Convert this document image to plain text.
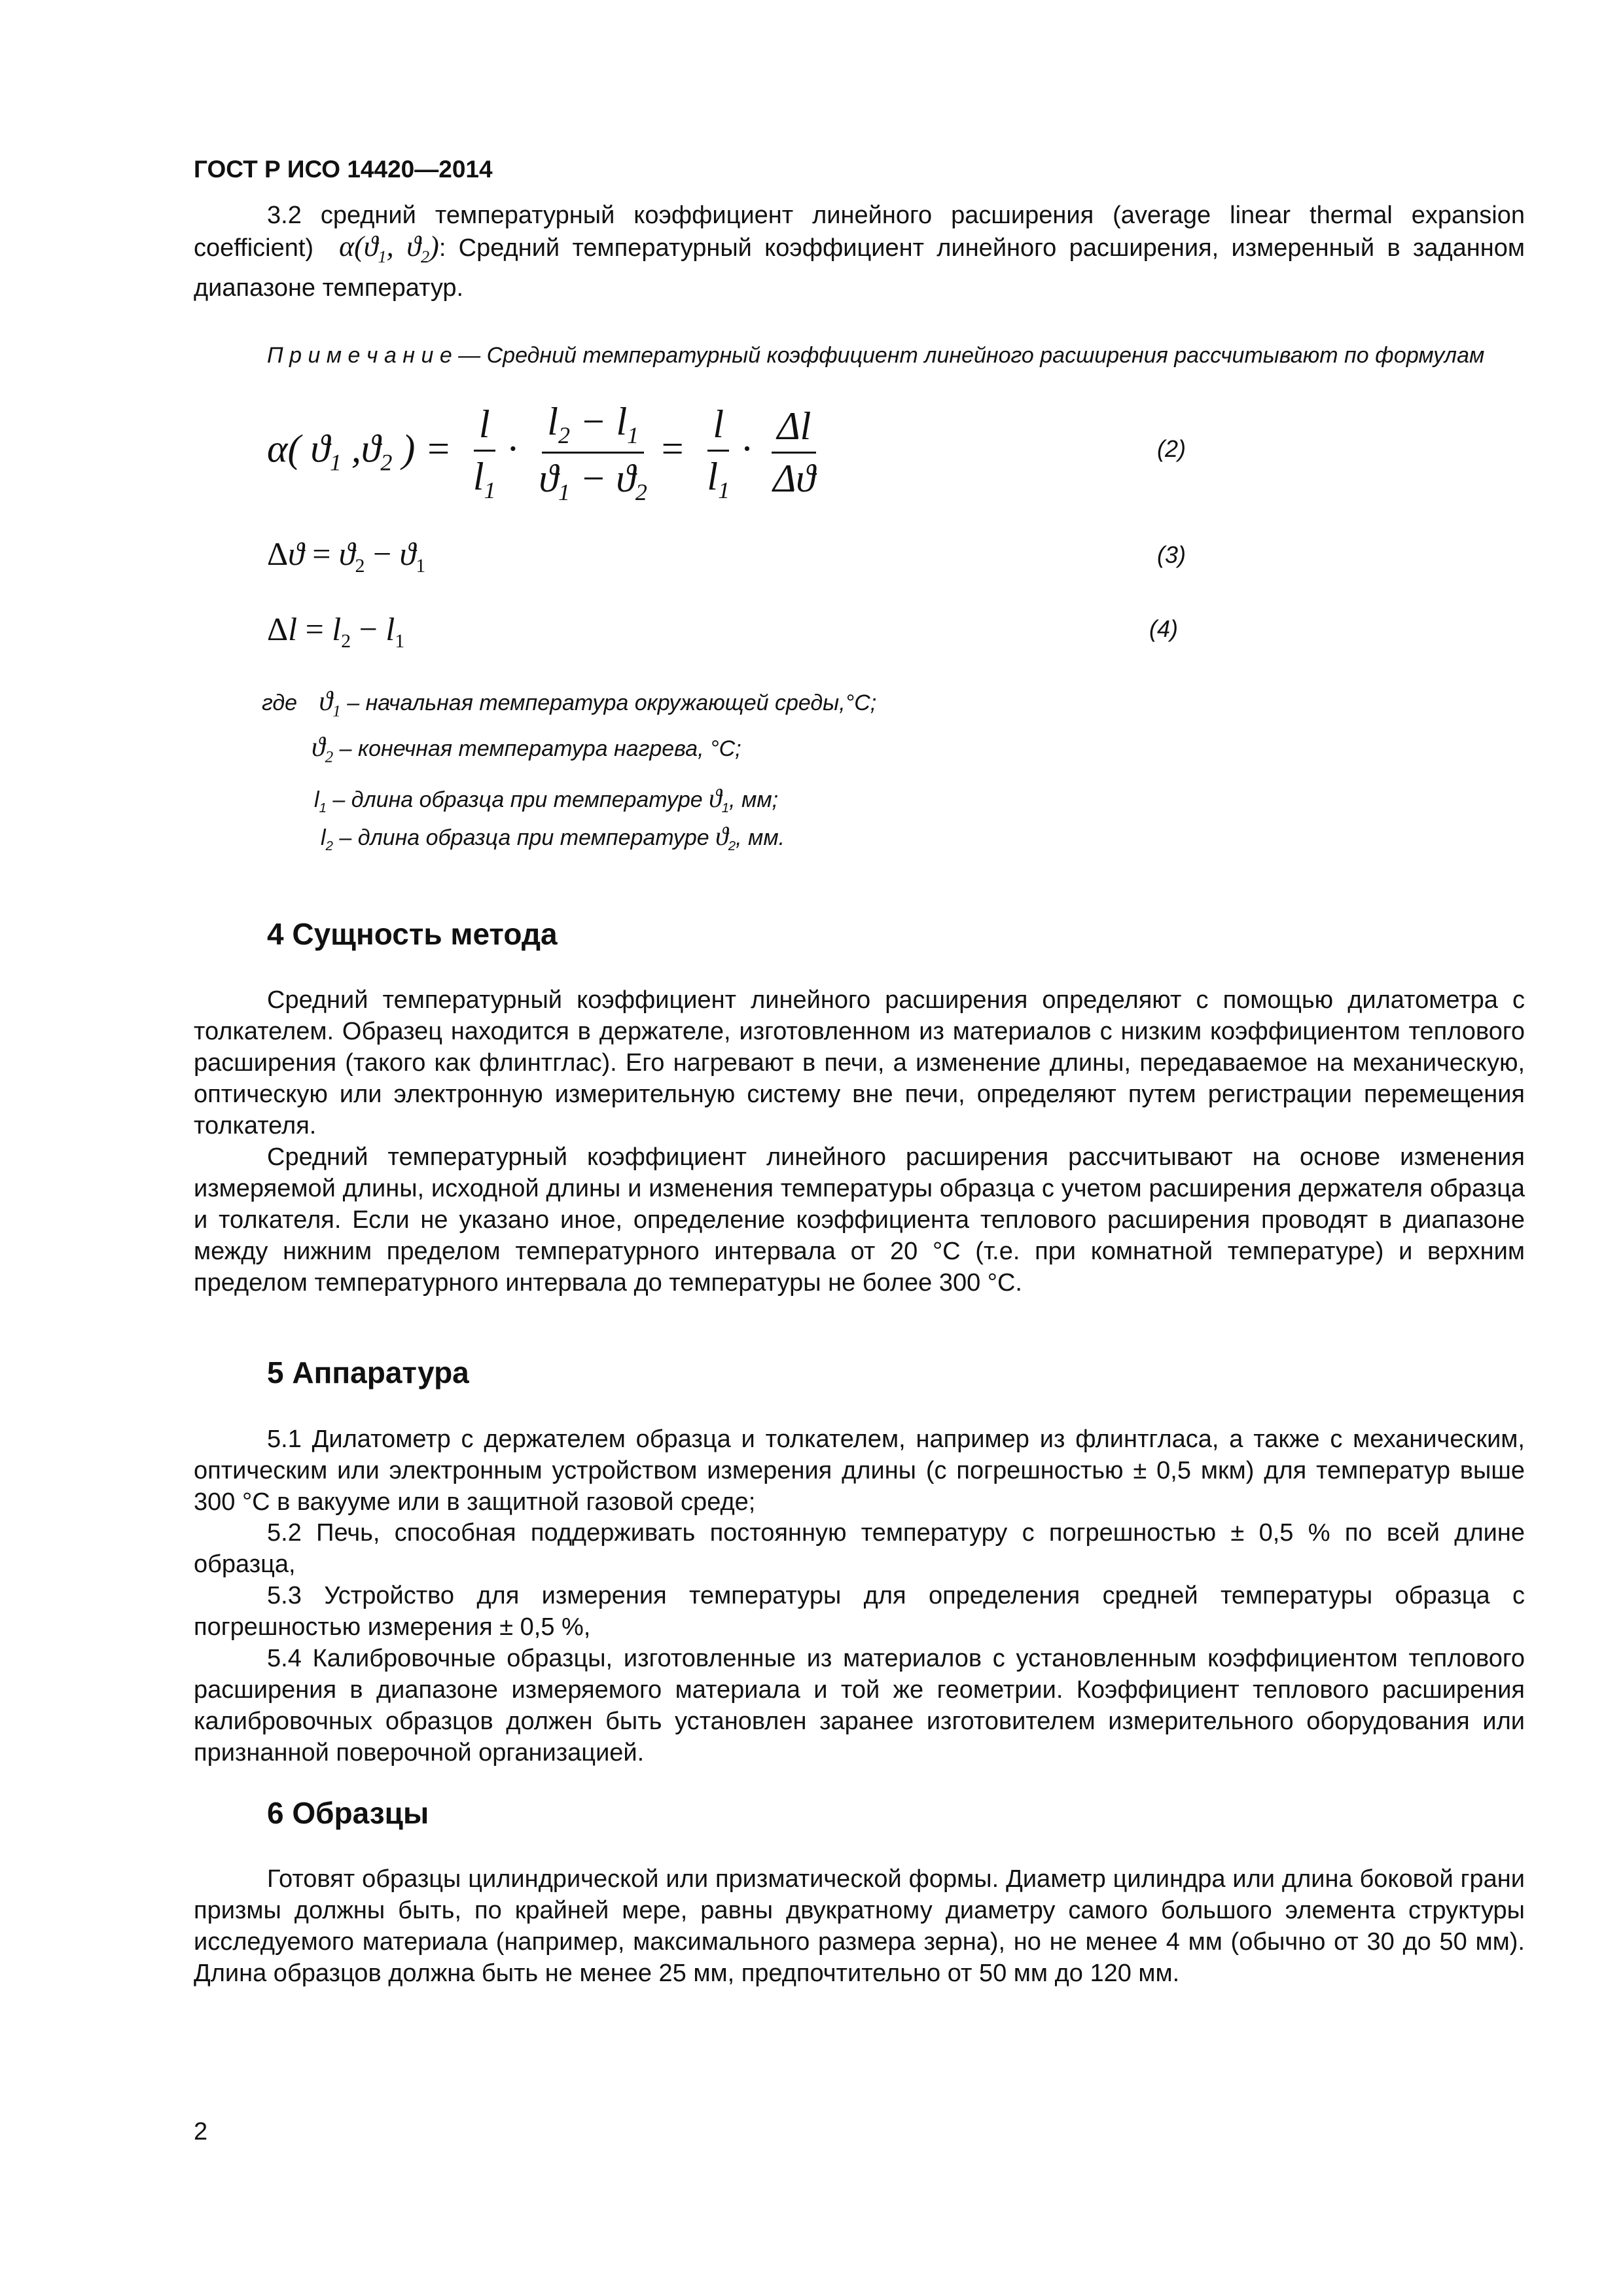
ГОСТ Р ИСО 14420—2014
3.2 средний температурный коэффициент линейного расширения (average linear thermal expansion coefficient)  $\alpha(ϑ_1$, $ϑ_2$): Средний температурный коэффициент линейного расширения, измеренный в заданном диапазоне температур.
П р и м е ч а н и е — Средний температурный коэффициент линейного расширения рассчитывают по формулам
α( $ϑ_1$ $,ϑ_2$ ) = $\frac{l}{l_1} \cdot \frac{l_2 - l_1}{ϑ_1 - ϑ_2} = \frac{l}{l_1} \cdot \frac{\Delta l}{\Delta ϑ}$	(2)
$\Delta ϑ = ϑ_2 - ϑ_1$	(3)
$\Delta l = l_2 - l_1$	(4)
где $ϑ_1$ – начальная температура окружающей среды,°C;
$ϑ_2$ – конечная температура нагрева, °C;
$l_1$ – длина образца при температуре $ϑ_1$, мм;
$l_2$ – длина образца при температуре $ϑ_2$, мм.
4 Сущность метода
Средний температурный коэффициент линейного расширения определяют с помощью дилатометра с толкателем. Образец находится в держателе, изготовленном из материалов с низким коэффициентом теплового расширения (такого как флинтглас). Его нагревают в печи, а изменение длины, передаваемое на механическую, оптическую или электронную измерительную систему вне печи, определяют путем регистрации перемещения толкателя.
Средний температурный коэффициент линейного расширения рассчитывают на основе изменения измеряемой длины, исходной длины и изменения температуры образца с учетом расширения держателя образца и толкателя. Если не указано иное, определение коэффициента теплового расширения проводят в диапазоне между нижним пределом температурного интервала от 20 °C (т.е. при комнатной температуре) и верхним пределом температурного интервала до температуры не более 300 °C.
5 Аппаратура
5.1 Дилатометр с держателем образца и толкателем, например из флинтгласа, а также с механическим, оптическим или электронным устройством измерения длины (с погрешностью ± 0,5 мкм) для температур выше 300 °C в вакууме или в защитной газовой среде;
5.2 Печь, способная поддерживать постоянную температуру с погрешностью ± 0,5 % по всей длине образца,
5.3 Устройство для измерения температуры для определения средней температуры образца с погрешностью измерения ± 0,5 %,
5.4 Калибровочные образцы, изготовленные из материалов с установленным коэффициентом теплового расширения в диапазоне измеряемого материала и той же геометрии. Коэффициент теплового расширения калибровочных образцов должен быть установлен заранее изготовителем измерительного оборудования или признанной поверочной организацией.
6 Образцы
Готовят образцы цилиндрической или призматической формы. Диаметр цилиндра или длина боковой грани призмы должны быть, по крайней мере, равны двукратному диаметру самого большого элемента структуры исследуемого материала (например, максимального размера зерна), но не менее 4 мм (обычно от 30 до 50 мм). Длина образцов должна быть не менее 25 мм, предпочтительно от 50 мм до 120 мм.
2
